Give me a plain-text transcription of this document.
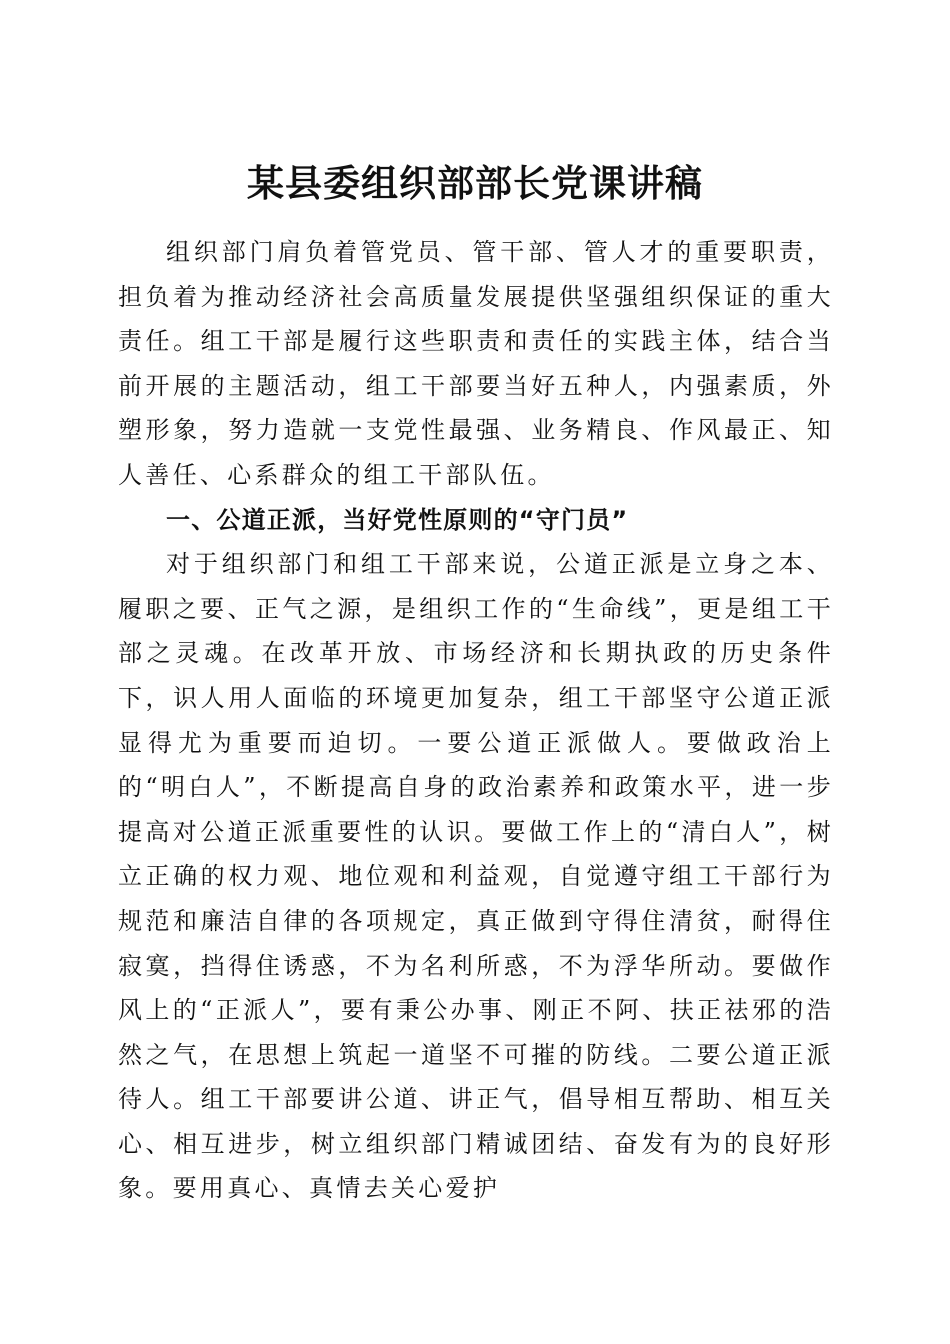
某县委组织部部长党课讲稿

组织部门肩负着管党员、管干部、管人才的重要职责，担负着为推动经济社会高质量发展提供坚强组织保证的重大责任。组工干部是履行这些职责和责任的实践主体，结合当前开展的主题活动，组工干部要当好五种人，内强素质，外塑形象，努力造就一支党性最强、业务精良、作风最正、知人善任、心系群众的组工干部队伍。

一、公道正派，当好党性原则的“守门员”

对于组织部门和组工干部来说，公道正派是立身之本、履职之要、正气之源，是组织工作的“生命线”，更是组工干部之灵魂。在改革开放、市场经济和长期执政的历史条件下，识人用人面临的环境更加复杂，组工干部坚守公道正派显得尤为重要而迫切。一要公道正派做人。要做政治上的“明白人”，不断提高自身的政治素养和政策水平，进一步提高对公道正派重要性的认识。要做工作上的“清白人”，树立正确的权力观、地位观和利益观，自觉遵守组工干部行为规范和廉洁自律的各项规定，真正做到守得住清贫，耐得住寂寞，挡得住诱惑，不为名利所惑，不为浮华所动。要做作风上的“正派人”，要有秉公办事、刚正不阿、扶正祛邪的浩然之气，在思想上筑起一道坚不可摧的防线。二要公道正派待人。组工干部要讲公道、讲正气，倡导相互帮助、相互关心、相互进步，树立组织部门精诚团结、奋发有为的良好形象。要用真心、真情去关心爱护
